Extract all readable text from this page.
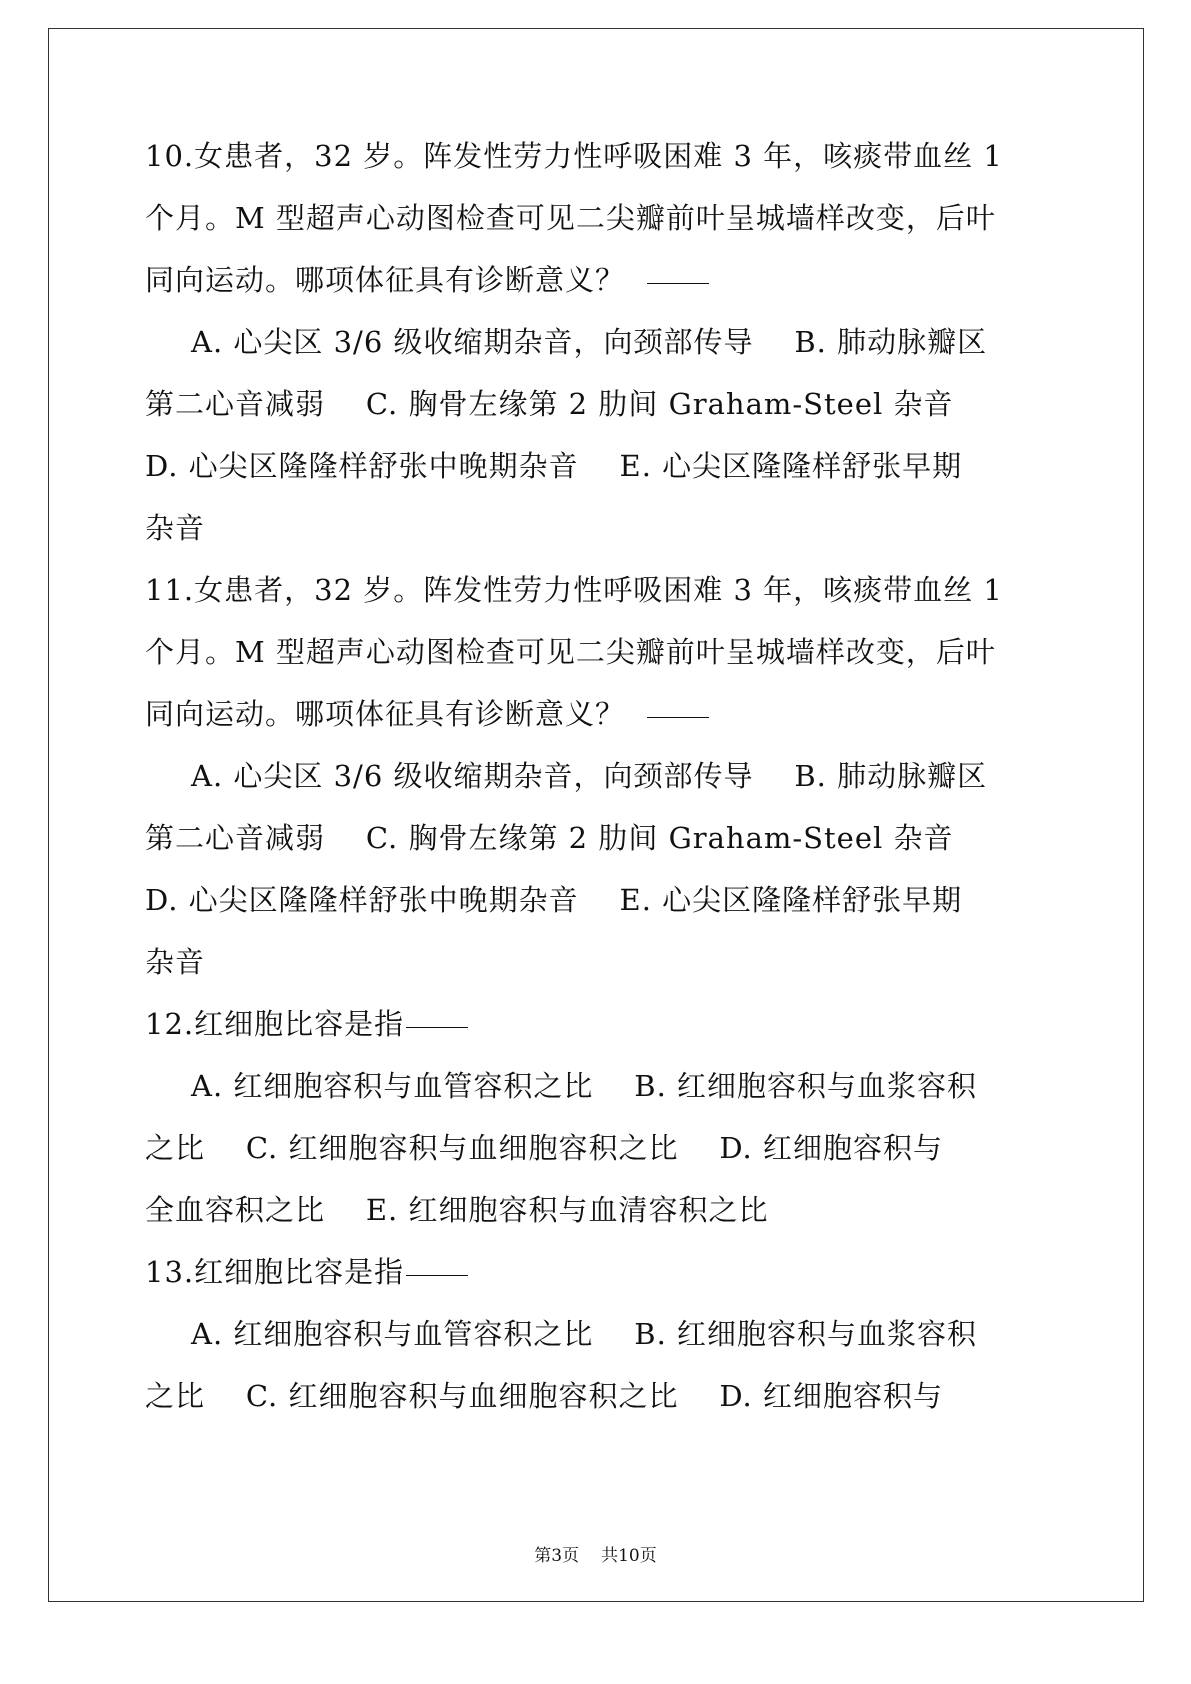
10.女患者，32 岁。阵发性劳力性呼吸困难 3 年，咳痰带血丝 1
个月。M 型超声心动图检查可见二尖瓣前叶呈城墙样改变，后叶
同向运动。哪项体征具有诊断意义？
A. 心尖区 3/6 级收缩期杂音，向颈部传导    B. 肺动脉瓣区
第二心音减弱    C. 胸骨左缘第 2 肋间 Graham-Steel 杂音
D. 心尖区隆隆样舒张中晚期杂音    E. 心尖区隆隆样舒张早期
杂音
11.女患者，32 岁。阵发性劳力性呼吸困难 3 年，咳痰带血丝 1
个月。M 型超声心动图检查可见二尖瓣前叶呈城墙样改变，后叶
同向运动。哪项体征具有诊断意义？
A. 心尖区 3/6 级收缩期杂音，向颈部传导    B. 肺动脉瓣区
第二心音减弱    C. 胸骨左缘第 2 肋间 Graham-Steel 杂音
D. 心尖区隆隆样舒张中晚期杂音    E. 心尖区隆隆样舒张早期
杂音
12.红细胞比容是指
A. 红细胞容积与血管容积之比    B. 红细胞容积与血浆容积
之比    C. 红细胞容积与血细胞容积之比    D. 红细胞容积与
全血容积之比    E. 红细胞容积与血清容积之比
13.红细胞比容是指
A. 红细胞容积与血管容积之比    B. 红细胞容积与血浆容积
之比    C. 红细胞容积与血细胞容积之比    D. 红细胞容积与
第3页 共10页
